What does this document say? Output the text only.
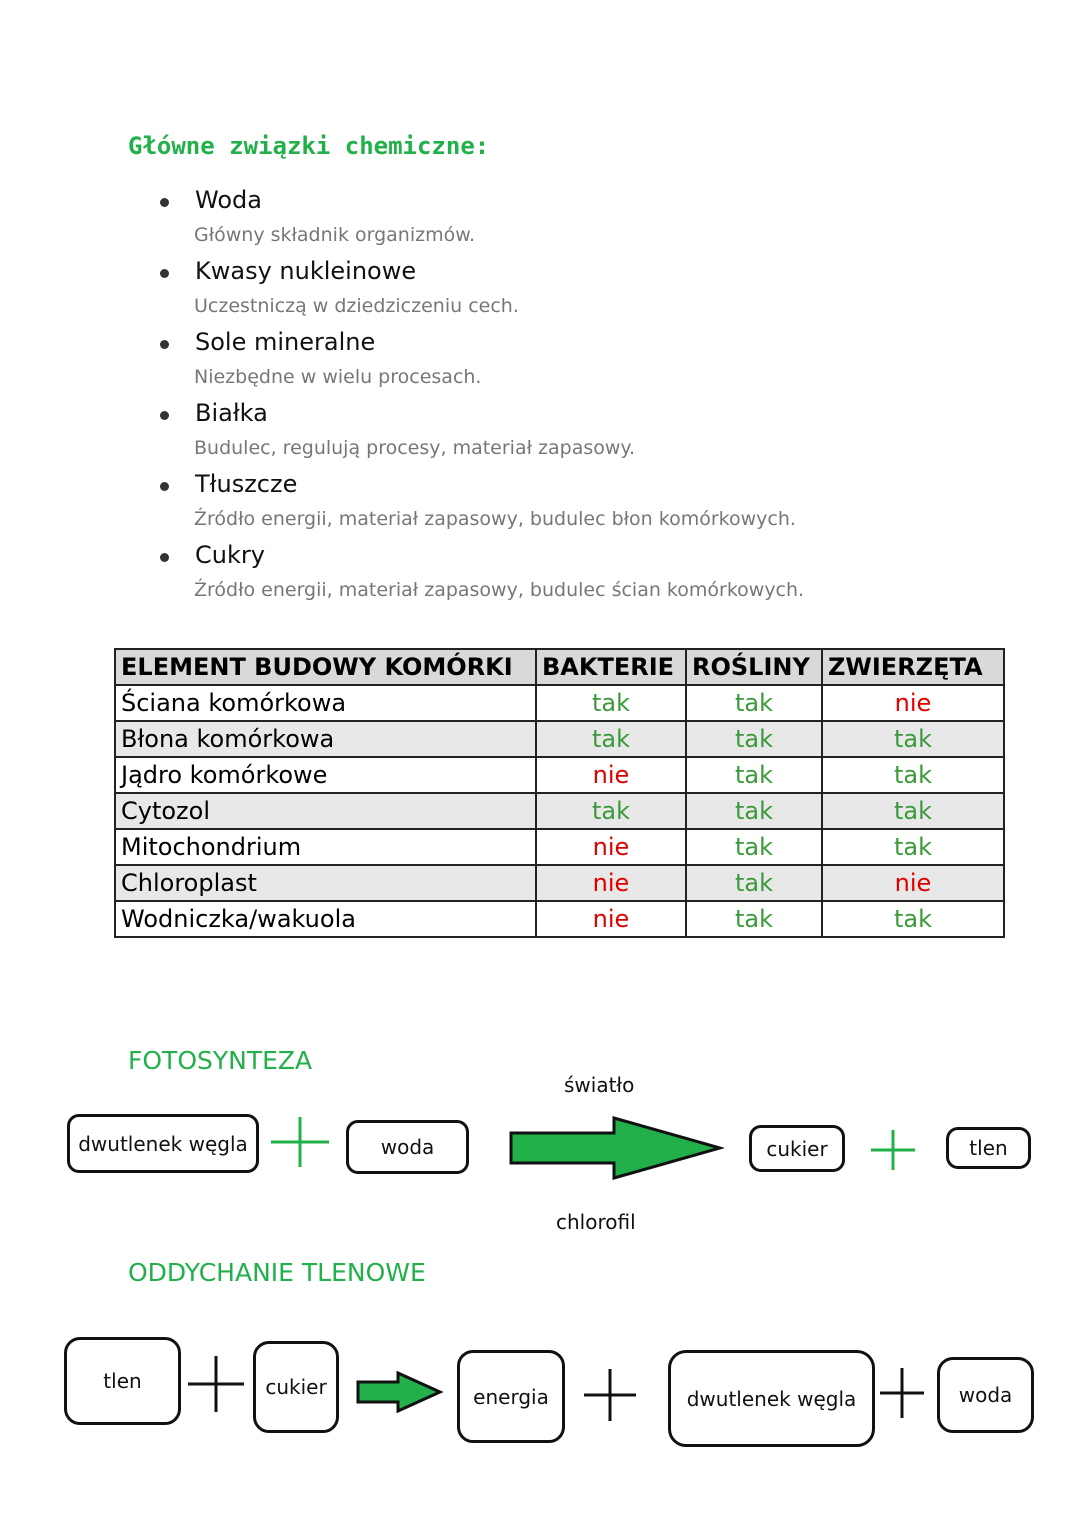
Główne związki chemiczne:
Woda
Główny składnik organizmów.
Kwasy nukleinowe
Uczestniczą w dziedziczeniu cech.
Sole mineralne
Niezbędne w wielu procesach.
Białka
Budulec, regulują procesy, materiał zapasowy.
Tłuszcze
Źródło energii, materiał zapasowy, budulec błon komórkowych.
Cukry
Źródło energii, materiał zapasowy, budulec ścian komórkowych.
ELEMENT BUDOWY KOMÓRKI	BAKTERIE	ROŚLINY	ZWIERZĘTA
Ściana komórkowa	tak	tak	nie
Błona komórkowa	tak	tak	tak
Jądro komórkowe	nie	tak	tak
Cytozol	tak	tak	tak
Mitochondrium	nie	tak	tak
Chloroplast	nie	tak	nie
Wodniczka/wakuola	nie	tak	tak
FOTOSYNTEZA
światło
dwutlenek węgla	woda	cukier	tlen
chlorofil
ODDYCHANIE TLENOWE
tlen	cukier	energia	dwutlenek węgla	woda
